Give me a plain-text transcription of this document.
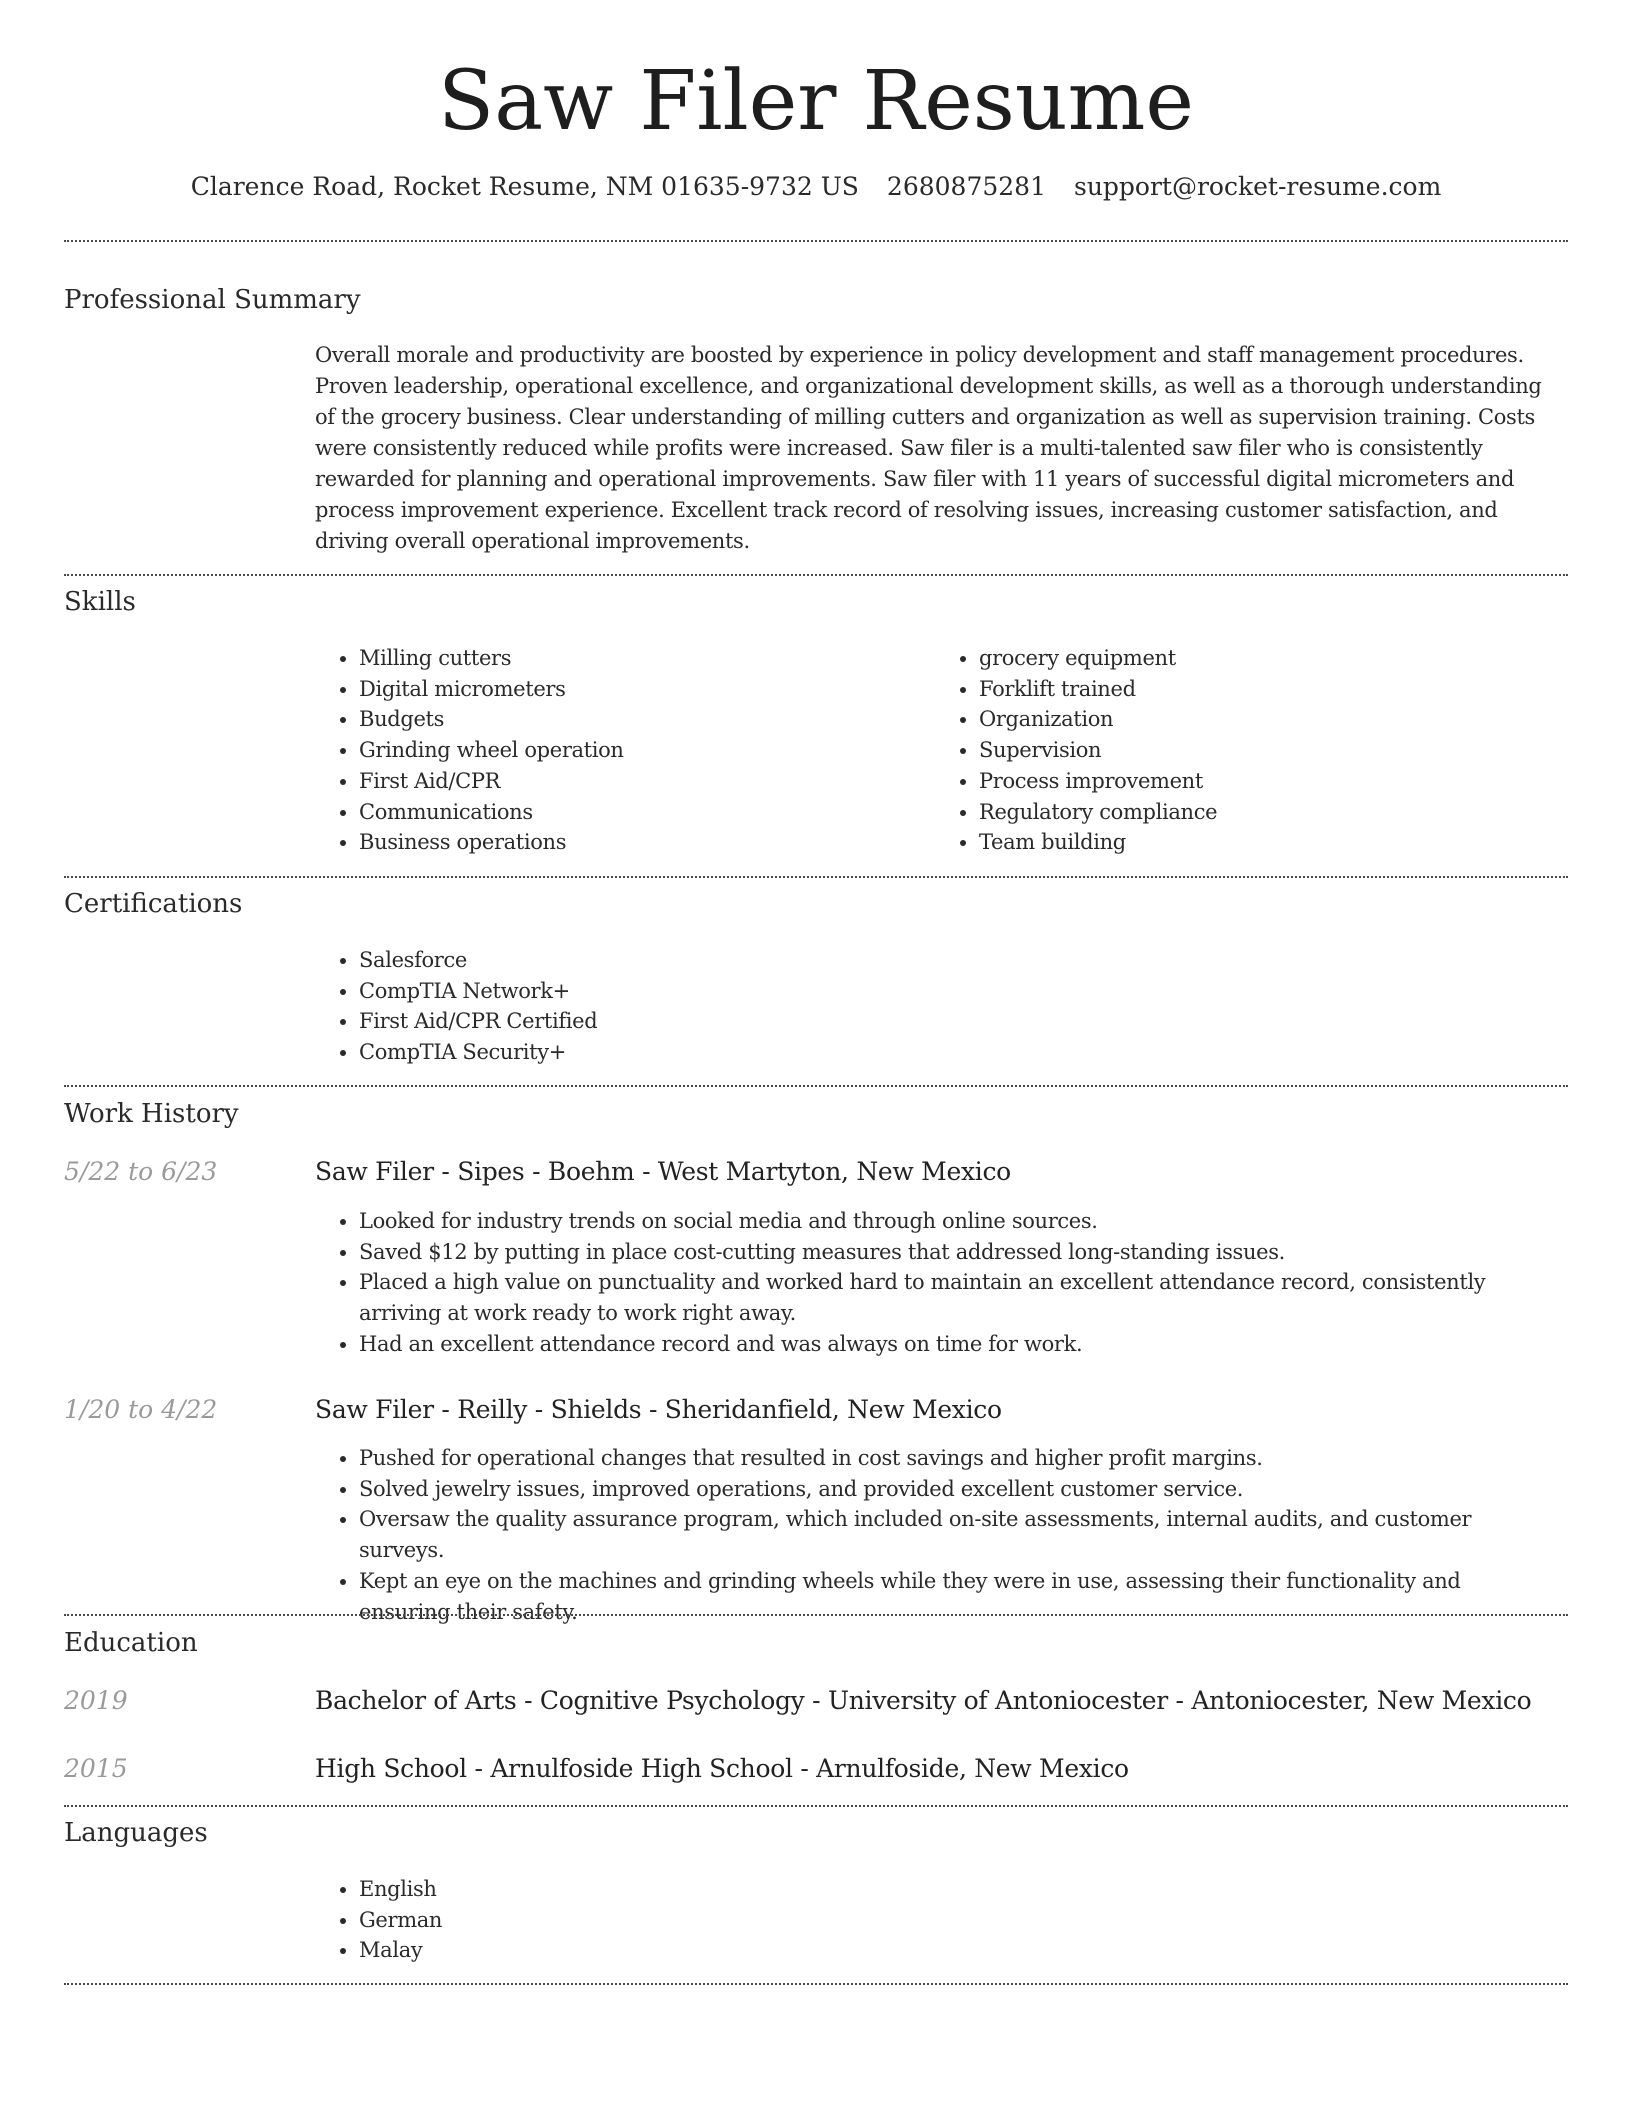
Saw Filer Resume
Clarence Road, Rocket Resume, NM 01635-9732 US 2680875281 support@rocket-resume.com
Professional Summary
Overall morale and productivity are boosted by experience in policy development and staff management procedures. Proven leadership, operational excellence, and organizational development skills, as well as a thorough understanding of the grocery business. Clear understanding of milling cutters and organization as well as supervision training. Costs were consistently reduced while profits were increased. Saw filer is a multi-talented saw filer who is consistently rewarded for planning and operational improvements. Saw filer with 11 years of successful digital micrometers and process improvement experience. Excellent track record of resolving issues, increasing customer satisfaction, and driving overall operational improvements.
Skills
• Milling cutters
• Digital micrometers
• Budgets
• Grinding wheel operation
• First Aid/CPR
• Communications
• Business operations
• grocery equipment
• Forklift trained
• Organization
• Supervision
• Process improvement
• Regulatory compliance
• Team building
Certifications
• Salesforce
• CompTIA Network+
• First Aid/CPR Certified
• CompTIA Security+
Work History
5/22 to 6/23	Saw Filer - Sipes - Boehm - West Martyton, New Mexico
• Looked for industry trends on social media and through online sources.
• Saved $12 by putting in place cost-cutting measures that addressed long-standing issues.
• Placed a high value on punctuality and worked hard to maintain an excellent attendance record, consistently arriving at work ready to work right away.
• Had an excellent attendance record and was always on time for work.
1/20 to 4/22	Saw Filer - Reilly - Shields - Sheridanfield, New Mexico
• Pushed for operational changes that resulted in cost savings and higher profit margins.
• Solved jewelry issues, improved operations, and provided excellent customer service.
• Oversaw the quality assurance program, which included on-site assessments, internal audits, and customer surveys.
• Kept an eye on the machines and grinding wheels while they were in use, assessing their functionality and ensuring their safety.
Education
2019	Bachelor of Arts - Cognitive Psychology - University of Antoniocester - Antoniocester, New Mexico
2015	High School - Arnulfoside High School - Arnulfoside, New Mexico
Languages
• English
• German
• Malay
